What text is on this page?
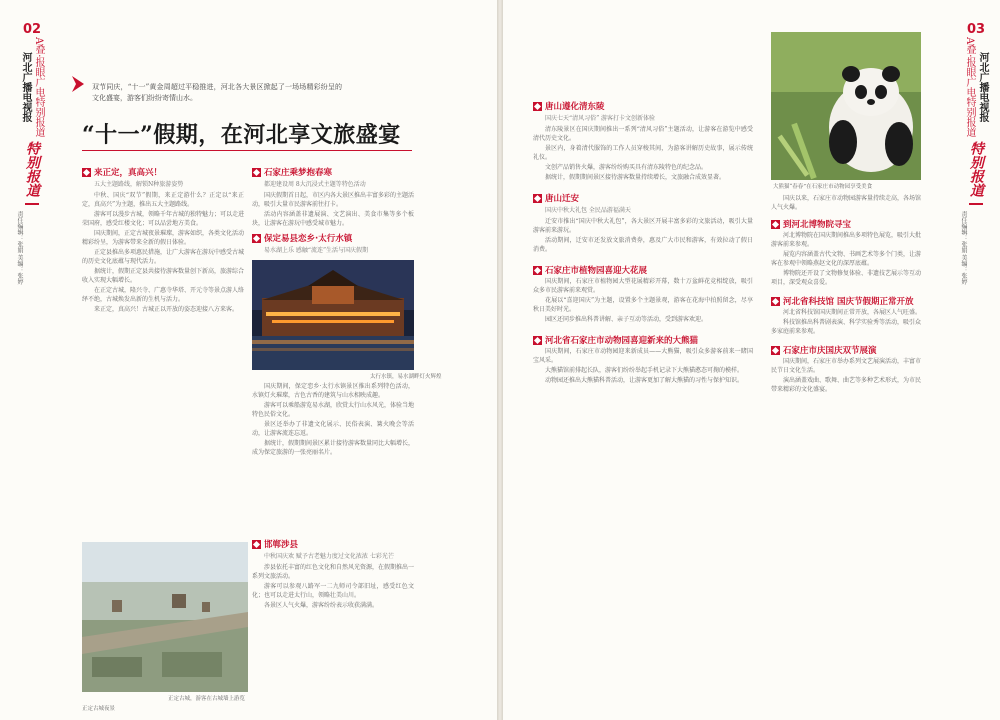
02
河北广播电视报 A叠·报眼广电特别报道
特别报道
责任编辑：张娟 美编：张婷

双节同庆，“十一”黄金周超过平稳推进，河北各大景区掀起了一场场精彩纷呈的文化盛宴，游客们纷纷寄情山水。

“十一”假期，在河北享文旅盛宴
来正定，真高兴！
五大主题路线，解锁N种旅游姿势

中秋、国庆“双节”假期，来正定游什么？正定以“来正定，真高兴”为主题，推出五大主题路线。

游客可以漫步古城，领略千年古城的独特魅力；可以走进荣国府，感受红楼文化；可以品尝地方美食。

国庆期间，正定古城夜景璀璨，游客如织，各类文化活动精彩纷呈，为游客带来全新的假日体验。

正定县推出多项惠民措施，让广大游客在游玩中感受古城的历史文化底蕴与现代活力。

据统计，假期正定县共接待游客数量创下新高，旅游综合收入实现大幅增长。

在正定古城，隆兴寺、广惠寺华塔、开元寺等景点游人络绎不绝，古城焕发出新的生机与活力。

来正定，真高兴！古城正以开放的姿态迎接八方来客。

石家庄乘梦抱春寒
都迎建设周 8大沉浸式主题等特色活动

国庆假期首日起，市区内各大景区推出丰富多彩的主题活动，吸引大量市民游客前往打卡。

活动内容涵盖非遗展演、文艺演出、美食市集等多个板块，让游客在游玩中感受城市魅力。

保定易县恋乡·太行水镇
易水湖上乐 感触“流连”生活与国庆假期
太行水镇，易水湖畔灯火辉煌

国庆期间，保定恋乡·太行水镇景区推出系列特色活动，水镇灯火璀璨，古色古香的建筑与山水相映成趣。

游客可以乘船游览易水湖，欣赏太行山水风光，体验当地特色民俗文化。

景区还举办了非遗文化展示、民俗表演、篝火晚会等活动，让游客流连忘返。

据统计，假期期间景区累计接待游客数量同比大幅增长，成为保定旅游的一张亮丽名片。

邯郸涉县
中秋国庆欢 赋予古老魅力度过文化浓浓 七彩光芒

涉县依托丰富的红色文化和自然风光资源，在假期推出一系列文旅活动。

游客可以参观八路军一二九师司令部旧址，感受红色文化；也可以走进太行山，领略壮美山川。

各景区人气火爆，游客纷纷表示收获满满。

正定古城，游客在古城墙上游览
正定古城夜景
03
A叠·报眼广电特别报道 河北广播电视报
特别报道
责任编辑：张娟 美编：张婷
唐山遵化清东陵
国庆七天“清风习俗” 游客打卡文创新体验

清东陵景区在国庆期间推出一系列“清风习俗”主题活动，让游客在游览中感受清代历史文化。

景区内，身着清代服饰的工作人员穿梭其间，为游客讲解历史故事，展示传统礼仪。

文创产品销售火爆，游客纷纷购买具有清东陵特色的纪念品。

据统计，假期期间景区接待游客数量持续增长，文旅融合成效显著。

唐山迁安
国庆中秋大礼包 全民品游福满天

迁安市推出“国庆中秋大礼包”，各大景区开展丰富多彩的文旅活动，吸引大量游客前来游玩。

活动期间，迁安市还发放文旅消费券，惠及广大市民和游客，有效拉动了假日消费。

石家庄市植物园喜迎大花展

国庆期间，石家庄市植物园大型花展精彩开幕，数十万盆鲜花竞相绽放，吸引众多市民游客前来观赏。

花展以“喜迎国庆”为主题，设置多个主题景观，游客在花海中拍照留念，尽享秋日美好时光。

园区还同步推出科普讲解、亲子互动等活动，受到游客欢迎。

河北省石家庄市动物园喜迎新来的大熊猫

国庆期间，石家庄市动物园迎来新成员——大熊猫，吸引众多游客前来一睹国宝风采。

大熊猫馆前排起长队，游客们纷纷举起手机记录下大熊猫憨态可掬的模样。

动物园还推出大熊猫科普活动，让游客更加了解大熊猫的习性与保护知识。

大熊猫“春春”在石家庄市动物园享受美食

国庆以来，石家庄市动物园游客量持续走高，各场馆人气火爆。

到河北博物院寻宝

河北博物院在国庆期间推出多项特色展览，吸引大批游客前来参观。

展览内容涵盖古代文物、书画艺术等多个门类，让游客在参观中领略燕赵文化的深厚底蕴。

博物院还开设了文物修复体验、非遗技艺展示等互动项目，深受观众喜爱。

河北省科技馆 国庆节假期正常开放

河北省科技馆国庆期间正常开放，各展区人气旺盛。

科技馆推出科普剧表演、科学实验秀等活动，吸引众多家庭前来参观。

石家庄市庆国庆双节展演

国庆期间，石家庄市举办系列文艺展演活动，丰富市民节日文化生活。

演出涵盖戏曲、歌舞、曲艺等多种艺术形式，为市民带来精彩的文化盛宴。
